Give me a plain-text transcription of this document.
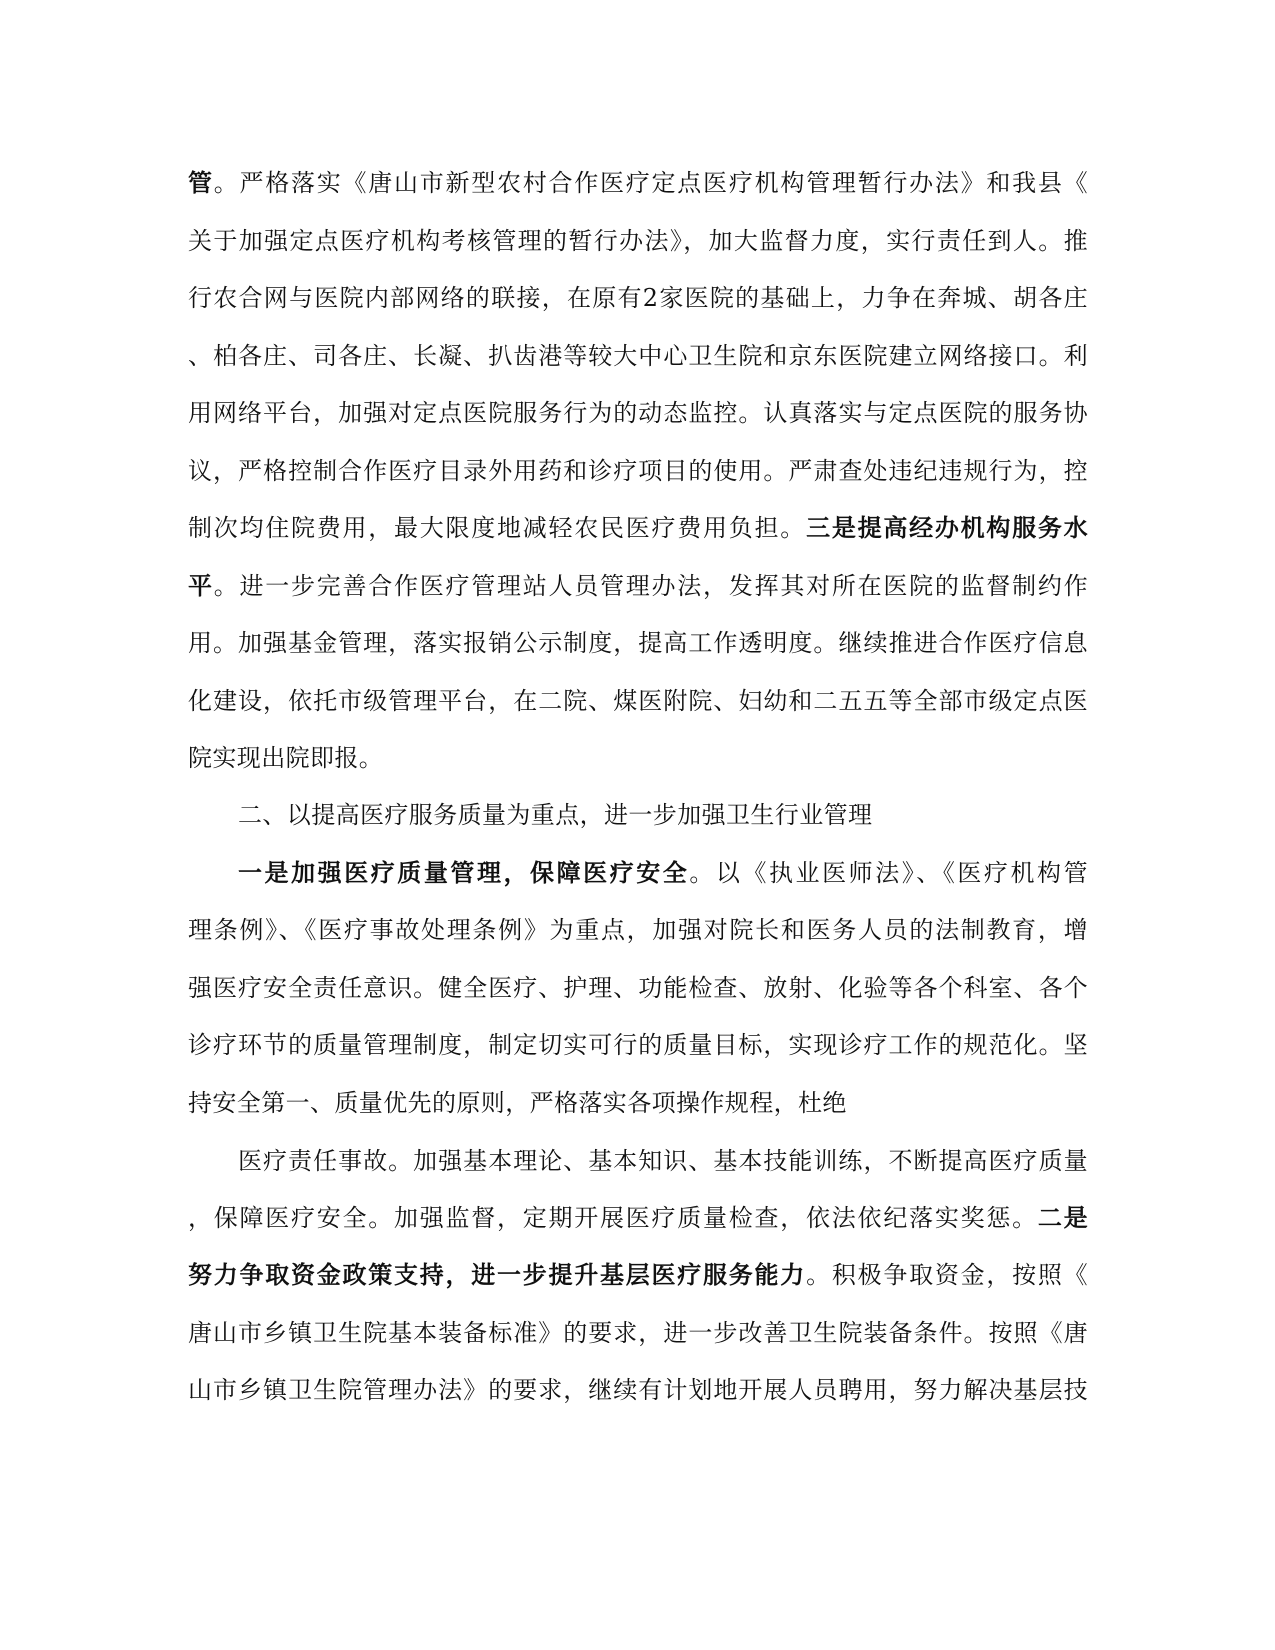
管。严格落实《唐山市新型农村合作医疗定点医疗机构管理暂行办法》和我县《
关于加强定点医疗机构考核管理的暂行办法》，加大监督力度，实行责任到人。推
行农合网与医院内部网络的联接，在原有2家医院的基础上，力争在奔城、胡各庄
、柏各庄、司各庄、长凝、扒齿港等较大中心卫生院和京东医院建立网络接口。利
用网络平台，加强对定点医院服务行为的动态监控。认真落实与定点医院的服务协
议，严格控制合作医疗目录外用药和诊疗项目的使用。严肃查处违纪违规行为，控
制次均住院费用，最大限度地减轻农民医疗费用负担。三是提高经办机构服务水
平。进一步完善合作医疗管理站人员管理办法，发挥其对所在医院的监督制约作
用。加强基金管理，落实报销公示制度，提高工作透明度。继续推进合作医疗信息
化建设，依托市级管理平台，在二院、煤医附院、妇幼和二五五等全部市级定点医
院实现出院即报。
二、以提高医疗服务质量为重点，进一步加强卫生行业管理
一是加强医疗质量管理，保障医疗安全。以《执业医师法》、《医疗机构管
理条例》、《医疗事故处理条例》为重点，加强对院长和医务人员的法制教育，增
强医疗安全责任意识。健全医疗、护理、功能检查、放射、化验等各个科室、各个
诊疗环节的质量管理制度，制定切实可行的质量目标，实现诊疗工作的规范化。坚
持安全第一、质量优先的原则，严格落实各项操作规程，杜绝
医疗责任事故。加强基本理论、基本知识、基本技能训练，不断提高医疗质量
，保障医疗安全。加强监督，定期开展医疗质量检查，依法依纪落实奖惩。二是
努力争取资金政策支持，进一步提升基层医疗服务能力。积极争取资金，按照《
唐山市乡镇卫生院基本装备标准》的要求，进一步改善卫生院装备条件。按照《唐
山市乡镇卫生院管理办法》的要求，继续有计划地开展人员聘用，努力解决基层技
